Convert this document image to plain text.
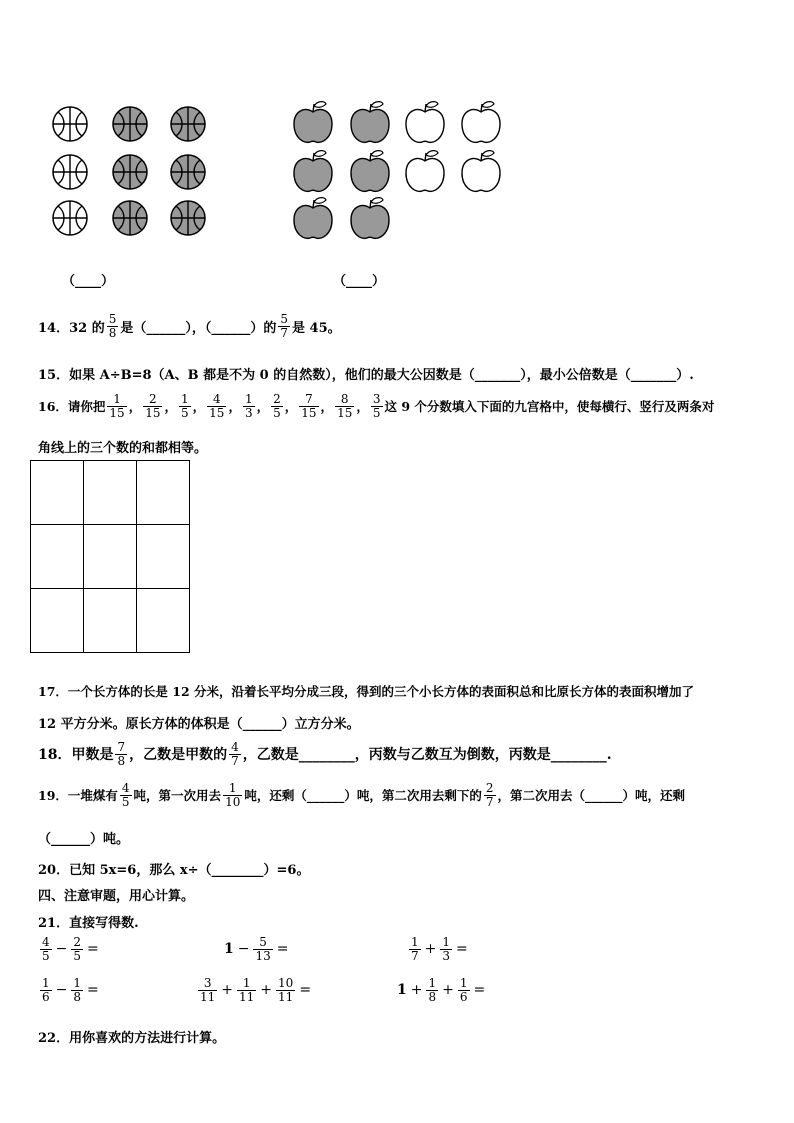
（____）	（____）
14． 32 的 $\frac{5}{8}$ 是（______），（______）的 $\frac{5}{7}$ 是 45。
15．如果 A÷B=8（A、B 都是不为 0 的自然数），他们的最大公因数是（_______），最小公倍数是（_______）.
16．请你把 $\frac{1}{15}$ ， $\frac{2}{15}$ ， $\frac{1}{5}$ ， $\frac{4}{15}$ ， $\frac{1}{3}$ ， $\frac{2}{5}$ ， $\frac{7}{15}$ ， $\frac{8}{15}$ ， $\frac{3}{5}$ 这 9 个分数填入下面的九宫格中，使每横行、竖行及两条对
角线上的三个数的和都相等。

17．一个长方体的长是 12 分米，沿着长平均分成三段，得到的三个小长方体的表面积总和比原长方体的表面积增加了
12 平方分米。原长方体的体积是（______）立方分米。
18．甲数是 $\frac{7}{8}$ ，乙数是甲数的 $\frac{4}{7}$ ，乙数是________，丙数与乙数互为倒数，丙数是________.
19．一堆煤有 $\frac{4}{5}$ 吨，第一次用去 $\frac{1}{10}$ 吨，还剩（______）吨，第二次用去剩下的 $\frac{2}{7}$ ，第二次用去（______）吨，还剩
（______）吨。
20．已知 5x=6，那么 x÷（________）=6。
四、注意审题，用心计算。
21．直接写得数.
$\frac{4}{5} - \frac{2}{5}$ =	$1 - \frac{5}{13}$ =	$\frac{1}{7} + \frac{1}{3}$ =
$\frac{1}{6} - \frac{1}{8}$ =	$\frac{3}{11} + \frac{1}{11} + \frac{10}{11}$ =	$1 + \frac{1}{8} + \frac{1}{6}$ =
22．用你喜欢的方法进行计算。
